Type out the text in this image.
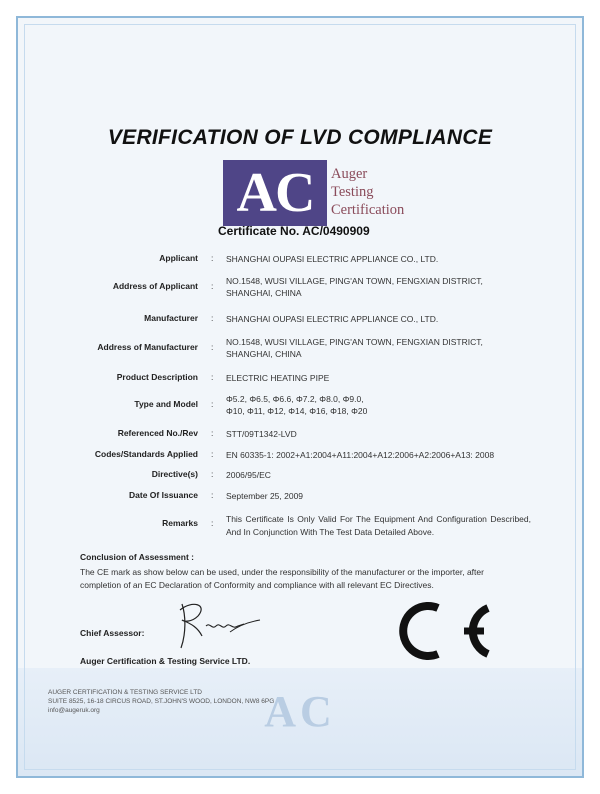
AC
VERIFICATION OF LVD COMPLIANCE
AC	Auger
Testing
Certification
Certificate No. AC/0490909
Applicant : SHANGHAI OUPASI ELECTRIC APPLIANCE CO., LTD.
Address of Applicant : NO.1548, WUSI VILLAGE, PING'AN TOWN, FENGXIAN DISTRICT,
SHANGHAI, CHINA
Manufacturer : SHANGHAI OUPASI ELECTRIC APPLIANCE CO., LTD.
Address of Manufacturer : NO.1548, WUSI VILLAGE, PING'AN TOWN, FENGXIAN DISTRICT,
SHANGHAI, CHINA
Product Description : ELECTRIC HEATING PIPE
Type and Model : Φ5.2, Φ6.5, Φ6.6, Φ7.2, Φ8.0, Φ9.0,
Φ10, Φ11, Φ12, Φ14, Φ16, Φ18, Φ20
Referenced No./Rev : STT/09T1342-LVD
Codes/Standards Applied : EN 60335-1: 2002+A1:2004+A11:2004+A12:2006+A2:2006+A13: 2008
Directive(s) : 2006/95/EC
Date Of Issuance : September 25, 2009
Remarks : This Certificate Is Only Valid For The Equipment And Configuration Described, And In Conjunction With The Test Data Detailed Above.
Conclusion of Assessment :
The CE mark as show below can be used, under the responsibility of the manufacturer or the importer, after completion of an EC Declaration of Conformity and compliance with all relevant EC Directives.
Chief Assessor:
Auger Certification & Testing Service LTD.
AUGER CERTIFICATION & TESTING SERVICE LTD
SUITE 8525, 16-18 CIRCUS ROAD, ST.JOHN'S WOOD, LONDON, NW8 6PG
info@augeruk.org
